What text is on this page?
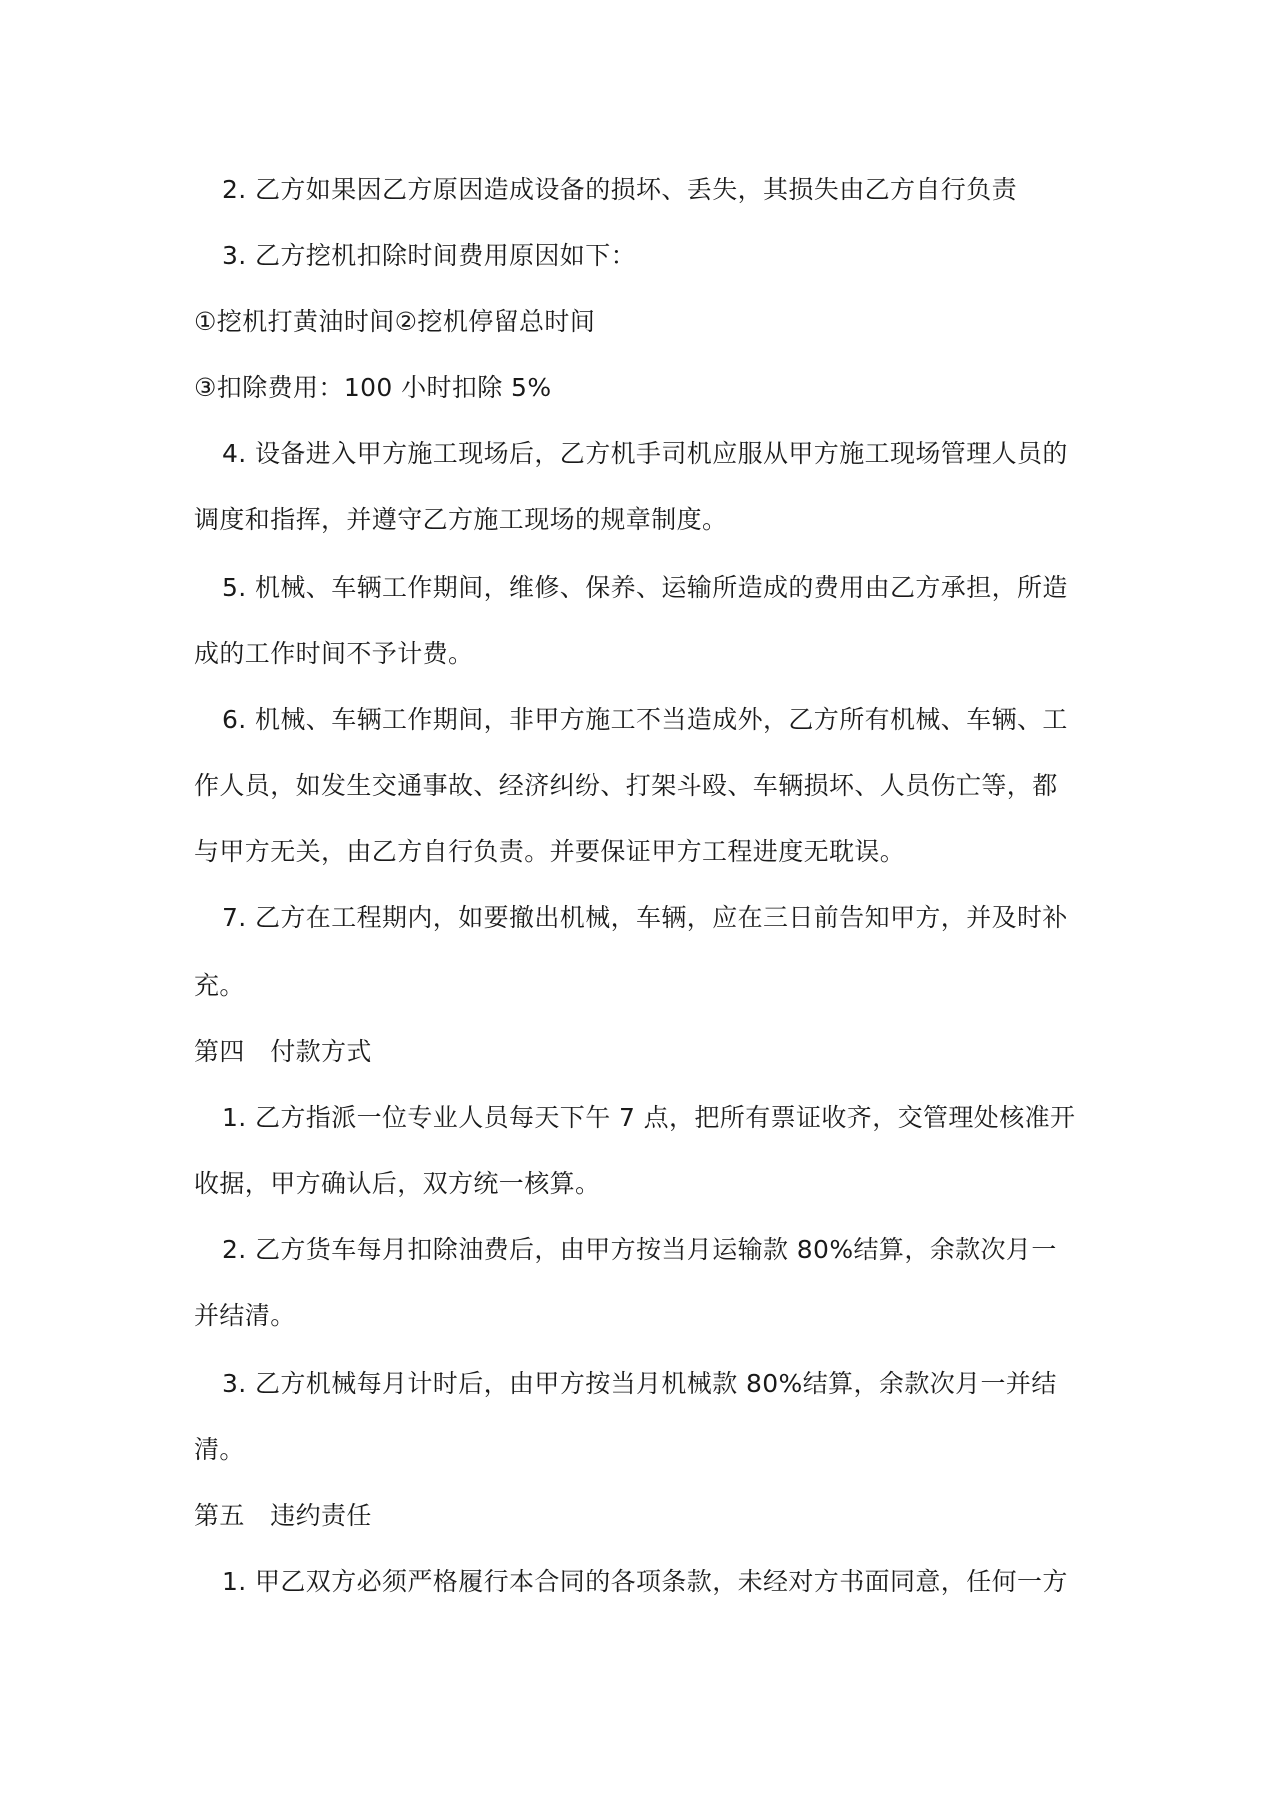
2. 乙方如果因乙方原因造成设备的损坏、丢失，其损失由乙方自行负责
3. 乙方挖机扣除时间费用原因如下：
①挖机打黄油时间②挖机停留总时间
③扣除费用：100 小时扣除 5%
4. 设备进入甲方施工现场后，乙方机手司机应服从甲方施工现场管理人员的
调度和指挥，并遵守乙方施工现场的规章制度。
5. 机械、车辆工作期间，维修、保养、运输所造成的费用由乙方承担，所造
成的工作时间不予计费。
6. 机械、车辆工作期间，非甲方施工不当造成外，乙方所有机械、车辆、工
作人员，如发生交通事故、经济纠纷、打架斗殴、车辆损坏、人员伤亡等，都
与甲方无关，由乙方自行负责。并要保证甲方工程进度无耽误。
7. 乙方在工程期内，如要撤出机械，车辆，应在三日前告知甲方，并及时补
充。
第四　付款方式
1. 乙方指派一位专业人员每天下午 7 点，把所有票证收齐，交管理处核准开
收据，甲方确认后，双方统一核算。
2. 乙方货车每月扣除油费后，由甲方按当月运输款 80%结算，余款次月一
并结清。
3. 乙方机械每月计时后，由甲方按当月机械款 80%结算，余款次月一并结
清。
第五　违约责任
1. 甲乙双方必须严格履行本合同的各项条款，未经对方书面同意，任何一方
